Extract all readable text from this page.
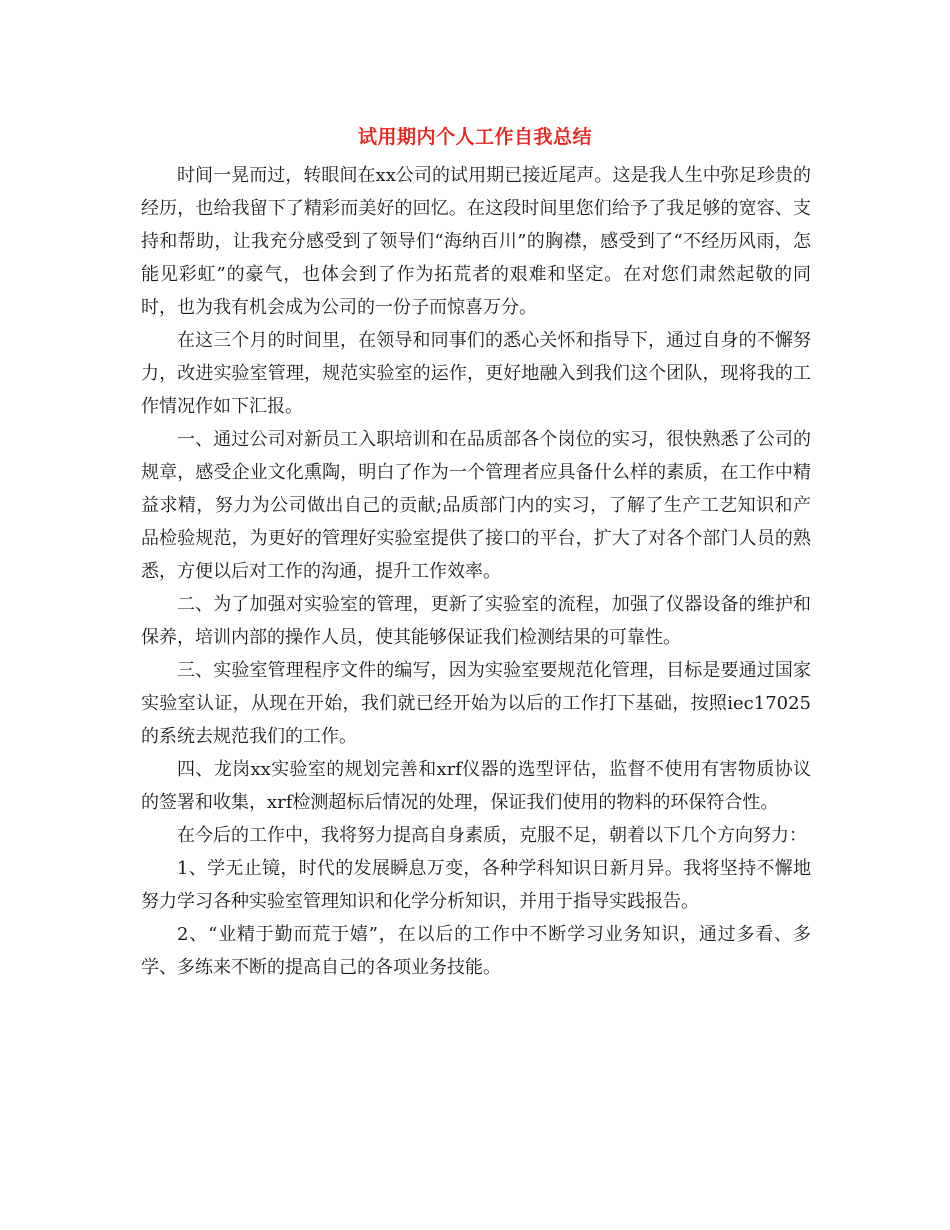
试用期内个人工作自我总结

时间一晃而过，转眼间在xx公司的试用期已接近尾声。这是我人生中弥足珍贵的经历，也给我留下了精彩而美好的回忆。在这段时间里您们给予了我足够的宽容、支持和帮助，让我充分感受到了领导们“海纳百川”的胸襟，感受到了“不经历风雨，怎能见彩虹”的豪气，也体会到了作为拓荒者的艰难和坚定。在对您们肃然起敬的同时，也为我有机会成为公司的一份子而惊喜万分。

在这三个月的时间里，在领导和同事们的悉心关怀和指导下，通过自身的不懈努力，改进实验室管理，规范实验室的运作，更好地融入到我们这个团队，现将我的工作情况作如下汇报。

一、通过公司对新员工入职培训和在品质部各个岗位的实习，很快熟悉了公司的规章，感受企业文化熏陶，明白了作为一个管理者应具备什么样的素质，在工作中精益求精，努力为公司做出自己的贡献;品质部门内的实习，了解了生产工艺知识和产品检验规范，为更好的管理好实验室提供了接口的平台，扩大了对各个部门人员的熟悉，方便以后对工作的沟通，提升工作效率。

二、为了加强对实验室的管理，更新了实验室的流程，加强了仪器设备的维护和保养，培训内部的操作人员，使其能够保证我们检测结果的可靠性。

三、实验室管理程序文件的编写，因为实验室要规范化管理，目标是要通过国家实验室认证，从现在开始，我们就已经开始为以后的工作打下基础，按照iec17025的系统去规范我们的工作。

四、龙岗xx实验室的规划完善和xrf仪器的选型评估，监督不使用有害物质协议的签署和收集，xrf检测超标后情况的处理，保证我们使用的物料的环保符合性。

在今后的工作中，我将努力提高自身素质，克服不足，朝着以下几个方向努力：

1、学无止镜，时代的发展瞬息万变，各种学科知识日新月异。我将坚持不懈地努力学习各种实验室管理知识和化学分析知识，并用于指导实践报告。

2、“业精于勤而荒于嬉”，在以后的工作中不断学习业务知识，通过多看、多学、多练来不断的提高自己的各项业务技能。
